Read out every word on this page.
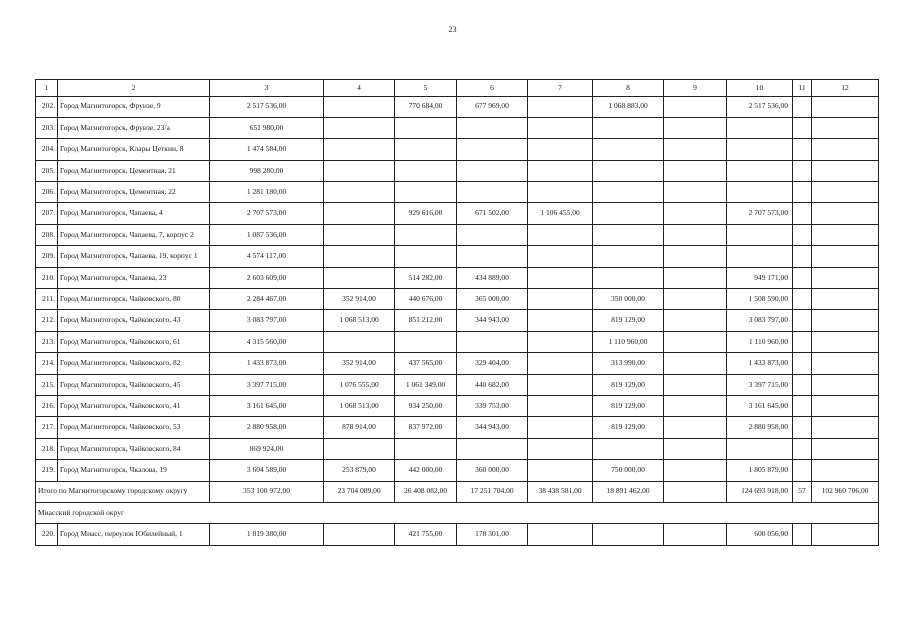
23
1	2	3	4	5	6	7	8	9	10	11	12
202.	Город Магнитогорск, Фрунзе, 9	2 517 536,00		770 684,00	677 969,00		1 068 883,00		2 517 536,00		
203.	Город Магнитогорск, Фрунзе, 23/а	651 980,00									
204.	Город Магнитогорск, Клары Цеткин, 8	1 474 584,00									
205.	Город Магнитогорск, Цементная, 21	998 280,00									
206.	Город Магнитогорск, Цементная, 22	1 281 180,00									
207.	Город Магнитогорск, Чапаева, 4	2 707 573,00		929 616,00	671 502,00	1 106 455,00			2 707 573,00		
208.	Город Магнитогорск, Чапаева, 7, корпус 2	1 087 536,00									
209.	Город Магнитогорск, Чапаева, 19, корпус 1	4 574 117,00									
210.	Город Магнитогорск, Чапаева, 23	2 603 609,00		514 282,00	434 889,00				949 171,00		
211.	Город Магнитогорск, Чайковского, 80	2 284 467,00	352 914,00	440 676,00	365 000,00		350 000,00		1 508 590,00		
212.	Город Магнитогорск, Чайковского, 43	3 083 797,00	1 068 513,00	851 212,00	344 943,00		819 129,00		3 083 797,00		
213.	Город Магнитогорск, Чайковского, 61	4 315 560,00					1 110 960,00		1 110 960,00		
214.	Город Магнитогорск, Чайковского, 82	1 433 873,00	352 914,00	437 565,00	329 404,00		313 990,00		1 433 873,00		
215.	Город Магнитогорск, Чайковского, 45	3 397 715,00	1 076 555,00	1 061 349,00	440 682,00		819 129,00		3 397 715,00		
216.	Город Магнитогорск, Чайковского, 41	3 161 645,00	1 068 513,00	934 250,00	339 753,00		819 129,00		3 161 645,00		
217.	Город Магнитогорск, Чайковского, 53	2 880 958,00	878 914,00	837 972,00	344 943,00		819 129,00		2 880 958,00		
218.	Город Магнитогорск, Чайковского, 84	869 924,00									
219.	Город Магнитогорск, Чкалова, 19	3 604 589,00	253 879,00	442 000,00	360 000,00		750 000,00		1 805 879,00		
Итого по Магнитогорскому городскому округу		353 100 972,00	23 704 089,00	26 408 082,00	17 251 704,00	38 438 581,00	18 891 462,00		124 693 918,00	57	102 960 706,00
Миасский городской округ											
220.	Город Миасс, переулок Юбилейный, 1	1 819 380,00		421 755,00	178 301,00				600 056,00		
